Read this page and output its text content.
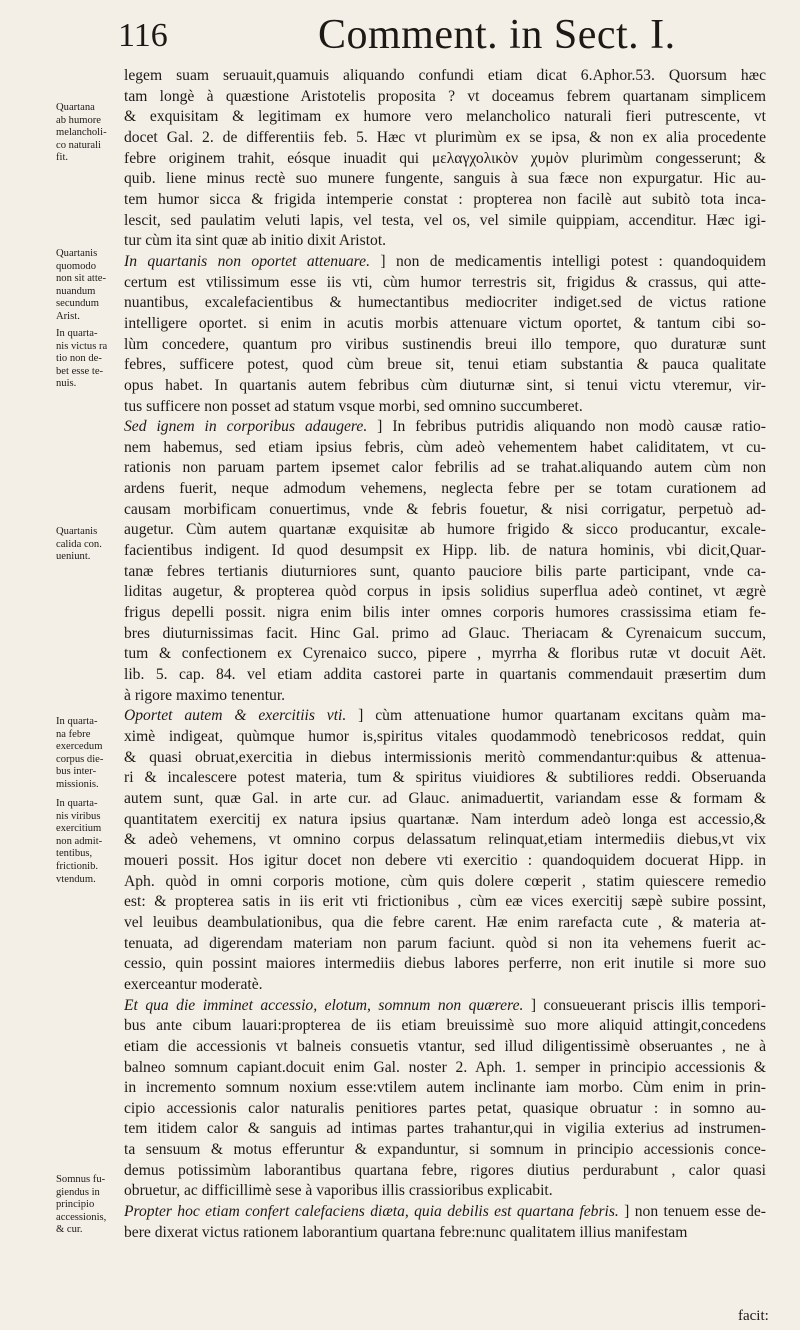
116	Comment. in Sect. I.
Quartana
ab humore
melancholi-
co naturali
fit.
Quartanis
quomodo
non sit atte-
nuandum
secundum
Arist.
In quarta-
nis victus ra
tio non de-
bet esse te-
nuis.
Quartanis
calida con.
ueniunt.
In quarta-
na febre
exercedum
corpus die-
bus inter-
missionis.
In quarta-
nis viribus
exercitium
non admit-
tentibus,
frictionib.
vtendum.
Somnus fu-
giendus in
principio
accessionis,
& cur.
legem suam seruauit,quamuis aliquando confundi etiam dicat 6.Aphor.53. Quorsum hæc
tam longè à quæstione Aristotelis proposita ? vt doceamus febrem quartanam simplicem
& exquisitam & legitimam ex humore vero melancholico naturali fieri putrescente, vt
docet Gal. 2. de differentiis feb. 5. Hæc vt plurimùm ex se ipsa, & non ex alia procedente
febre originem trahit, eósque inuadit qui μελαγχολικὸν χυμὸν plurimùm congesserunt; &
quib. liene minus rectè suo munere fungente, sanguis à sua fæce non expurgatur. Hic au-
tem humor sicca & frigida intemperie constat : propterea non facilè aut subitò tota inca-
lescit, sed paulatim veluti lapis, vel testa, vel os, vel simile quippiam, accenditur. Hæc igi-
tur cùm ita sint quæ ab initio dixit Aristot.
In quartanis non oportet attenuare. ] non de medicamentis intelligi potest : quandoquidem
certum est vtilissimum esse iis vti, cùm humor terrestris sit, frigidus & crassus, qui atte-
nuantibus, excalefacientibus & humectantibus mediocriter indiget.sed de victus ratione
intelligere oportet. si enim in acutis morbis attenuare victum oportet, & tantum cibi so-
lùm concedere, quantum pro viribus sustinendis breui illo tempore, quo duraturæ sunt
febres, sufficere potest, quod cùm breue sit, tenui etiam substantia & pauca qualitate
opus habet. In quartanis autem febribus cùm diuturnæ sint, si tenui victu vteremur, vir-
tus sufficere non posset ad statum vsque morbi, sed omnino succumberet.
Sed ignem in corporibus adaugere. ] In febribus putridis aliquando non modò causæ ratio-
nem habemus, sed etiam ipsius febris, cùm adeò vehementem habet caliditatem, vt cu-
rationis non paruam partem ipsemet calor febrilis ad se trahat.aliquando autem cùm non
ardens fuerit, neque admodum vehemens, neglecta febre per se totam curationem ad
causam morbificam conuertimus, vnde & febris fouetur, & nisi corrigatur, perpetuò ad-
augetur. Cùm autem quartanæ exquisitæ ab humore frigido & sicco producantur, excale-
facientibus indigent. Id quod desumpsit ex Hipp. lib. de natura hominis, vbi dicit,Quar-
tanæ febres tertianis diuturniores sunt, quanto pauciore bilis parte participant, vnde ca-
liditas augetur, & propterea quòd corpus in ipsis solidius superflua adeò continet, vt ægrè
frigus depelli possit. nigra enim bilis inter omnes corporis humores crassissima etiam fe-
bres diuturnissimas facit. Hinc Gal. primo ad Glauc. Theriacam & Cyrenaicum succum,
tum & confectionem ex Cyrenaico succo, pipere , myrrha & floribus rutæ vt docuit Aët.
lib. 5. cap. 84. vel etiam addita castorei parte in quartanis commendauit præsertim dum
à rigore maximo tenentur.
Oportet autem & exercitiis vti. ] cùm attenuatione humor quartanam excitans quàm ma-
ximè indigeat, quùmque humor is,spiritus vitales quodammodò tenebricosos reddat, quin
& quasi obruat,exercitia in diebus intermissionis meritò commendantur:quibus & attenua-
ri & incalescere potest materia, tum & spiritus viuidiores & subtiliores reddi. Obseruanda
autem sunt, quæ Gal. in arte cur. ad Glauc. animaduertit, variandam esse & formam &
quantitatem exercitij ex natura ipsius quartanæ. Nam interdum adeò longa est accessio,&
& adeò vehemens, vt omnino corpus delassatum relinquat,etiam intermediis diebus,vt vix
moueri possit. Hos igitur docet non debere vti exercitio : quandoquidem docuerat Hipp. in
Aph. quòd in omni corporis motione, cùm quis dolere cœperit , statim quiescere remedio
est: & propterea satis in iis erit vti frictionibus , cùm eæ vices exercitij sæpè subire possint,
vel leuibus deambulationibus, qua die febre carent. Hæ enim rarefacta cute , & materia at-
tenuata, ad digerendam materiam non parum faciunt. quòd si non ita vehemens fuerit ac-
cessio, quin possint maiores intermediis diebus labores perferre, non erit inutile si more suo
exerceantur moderatè.
Et qua die imminet accessio, elotum, somnum non quærere. ] consueuerant priscis illis tempori-
bus ante cibum lauari:propterea de iis etiam breuissimè suo more aliquid attingit,concedens
etiam die accessionis vt balneis consuetis vtantur, sed illud diligentissimè obseruantes , ne à
balneo somnum capiant.docuit enim Gal. noster 2. Aph. 1. semper in principio accessionis &
in incremento somnum noxium esse:vtilem autem inclinante iam morbo. Cùm enim in prin-
cipio accessionis calor naturalis penitiores partes petat, quasique obruatur : in somno au-
tem itidem calor & sanguis ad intimas partes trahantur,qui in vigilia exterius ad instrumen-
ta sensuum & motus efferuntur & expanduntur, si somnum in principio accessionis conce-
demus potissimùm laborantibus quartana febre, rigores diutius perdurabunt , calor quasi
obruetur, ac difficillimè sese à vaporibus illis crassioribus explicabit.
Propter hoc etiam confert calefaciens diæta, quia debilis est quartana febris. ] non tenuem esse de-
bere dixerat victus rationem laborantium quartana febre:nunc qualitatem illius manifestam
facit:
